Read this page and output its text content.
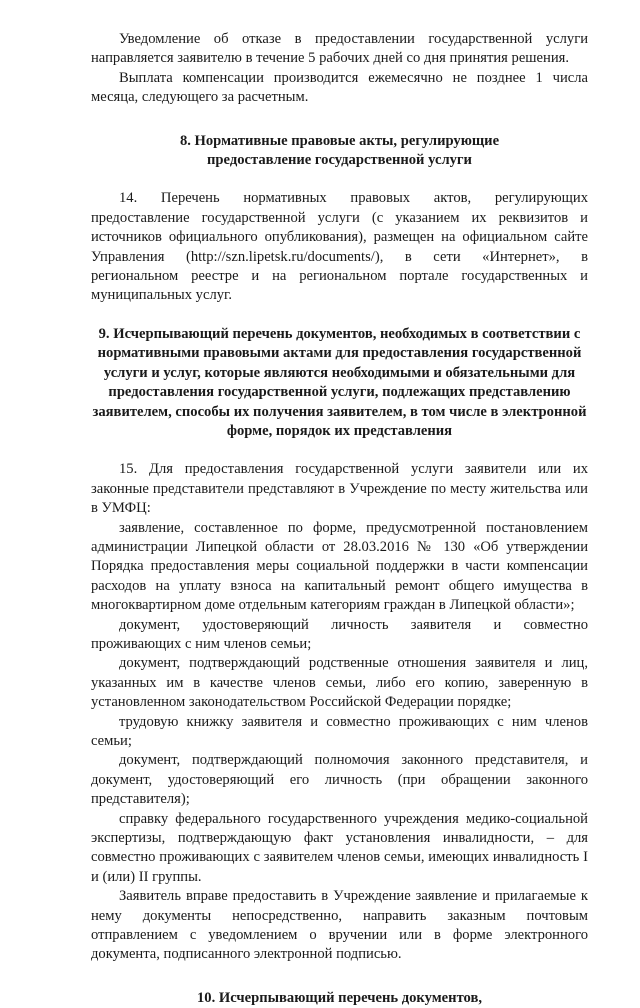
Уведомление об отказе в предоставлении государственной услуги направляется заявителю в течение 5 рабочих дней со дня принятия решения.

Выплата компенсации производится ежемесячно не позднее 1 числа месяца, следующего за расчетным.

8. Нормативные правовые акты, регулирующие

предоставление государственной услуги

14. Перечень нормативных правовых актов, регулирующих предоставление государственной услуги (с указанием их реквизитов и источников официального опубликования), размещен на официальном сайте Управления (http://szn.lipetsk.ru/documents/), в сети «Интернет», в региональном реестре и на региональном портале государственных и муниципальных услуг.

9. Исчерпывающий перечень документов, необходимых в соответствии с нормативными правовыми актами для предоставления государственной услуги и услуг, которые являются необходимыми и обязательными для предоставления государственной услуги, подлежащих представлению заявителем, способы их получения заявителем, в том числе в электронной форме, порядок их представления

15. Для предоставления государственной услуги заявители или их законные представители представляют в Учреждение по месту жительства или в УМФЦ:

заявление, составленное по форме, предусмотренной постановлением администрации Липецкой области от 28.03.2016 № 130 «Об утверждении Порядка предоставления меры социальной поддержки в части компенсации расходов на уплату взноса на капитальный ремонт общего имущества в многоквартирном доме отдельным категориям граждан в Липецкой области»;

документ, удостоверяющий личность заявителя и совместно проживающих с ним членов семьи;

документ, подтверждающий родственные отношения заявителя и лиц, указанных им в качестве членов семьи, либо его копию, заверенную в установленном законодательством Российской Федерации порядке;

трудовую книжку заявителя и совместно проживающих с ним членов семьи;

документ, подтверждающий полномочия законного представителя, и документ, удостоверяющий его личность (при обращении законного представителя);

справку федерального государственного учреждения медико-социальной экспертизы, подтверждающую факт установления инвалидности, – для совместно проживающих с заявителем членов семьи, имеющих инвалидность I и (или) II группы.

Заявитель вправе предоставить в Учреждение заявление и прилагаемые к нему документы непосредственно, направить заказным почтовым отправлением с уведомлением о вручении или в форме электронного документа, подписанного электронной подписью.

10. Исчерпывающий перечень документов,
